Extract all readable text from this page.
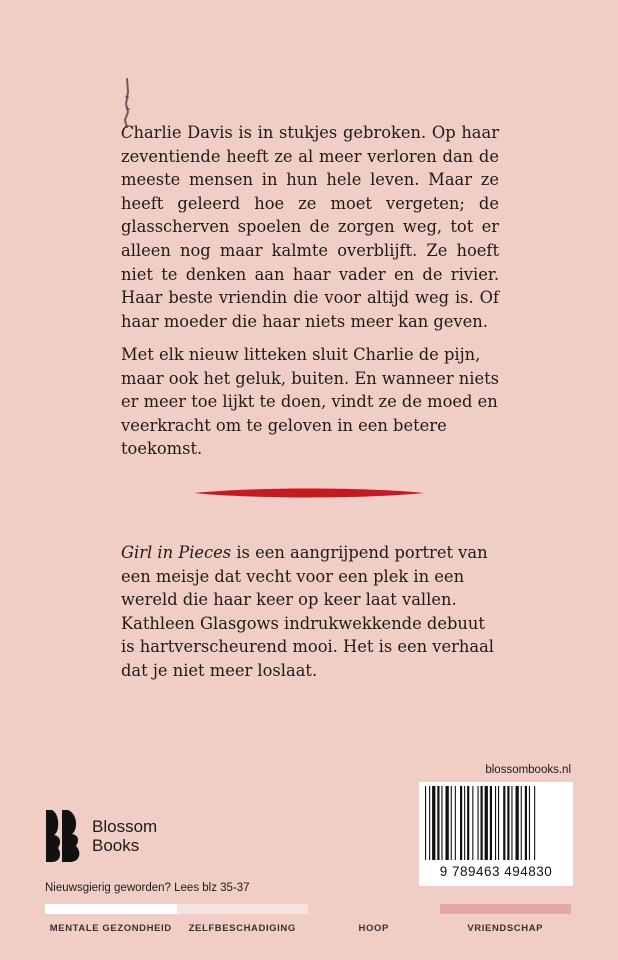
Charlie Davis is in stukjes gebroken. Op haar zeventiende heeft ze al meer verloren dan de meeste mensen in hun hele leven. Maar ze heeft geleerd hoe ze moet vergeten; de glasscherven spoelen de zorgen weg, tot er alleen nog maar kalmte overblijft. Ze hoeft niet te denken aan haar vader en de rivier. Haar beste vriendin die voor altijd weg is. Of haar moeder die haar niets meer kan geven.

Met elk nieuw litteken sluit Charlie de pijn, maar ook het geluk, buiten. En wanneer niets er meer toe lijkt te doen, vindt ze de moed en veerkracht om te geloven in een betere toekomst.

Girl in Pieces is een aangrijpend portret van een meisje dat vecht voor een plek in een wereld die haar keer op keer laat vallen. Kathleen Glasgows indrukwekkende debuut is hartverscheurend mooi. Het is een verhaal dat je niet meer loslaat.

blossombooks.nl
9 789463 494830
Blossom
Books
Nieuwsgierig geworden? Lees blz 35-37
MENTALE GEZONDHEID	ZELFBESCHADIGING	HOOP	VRIENDSCHAP
